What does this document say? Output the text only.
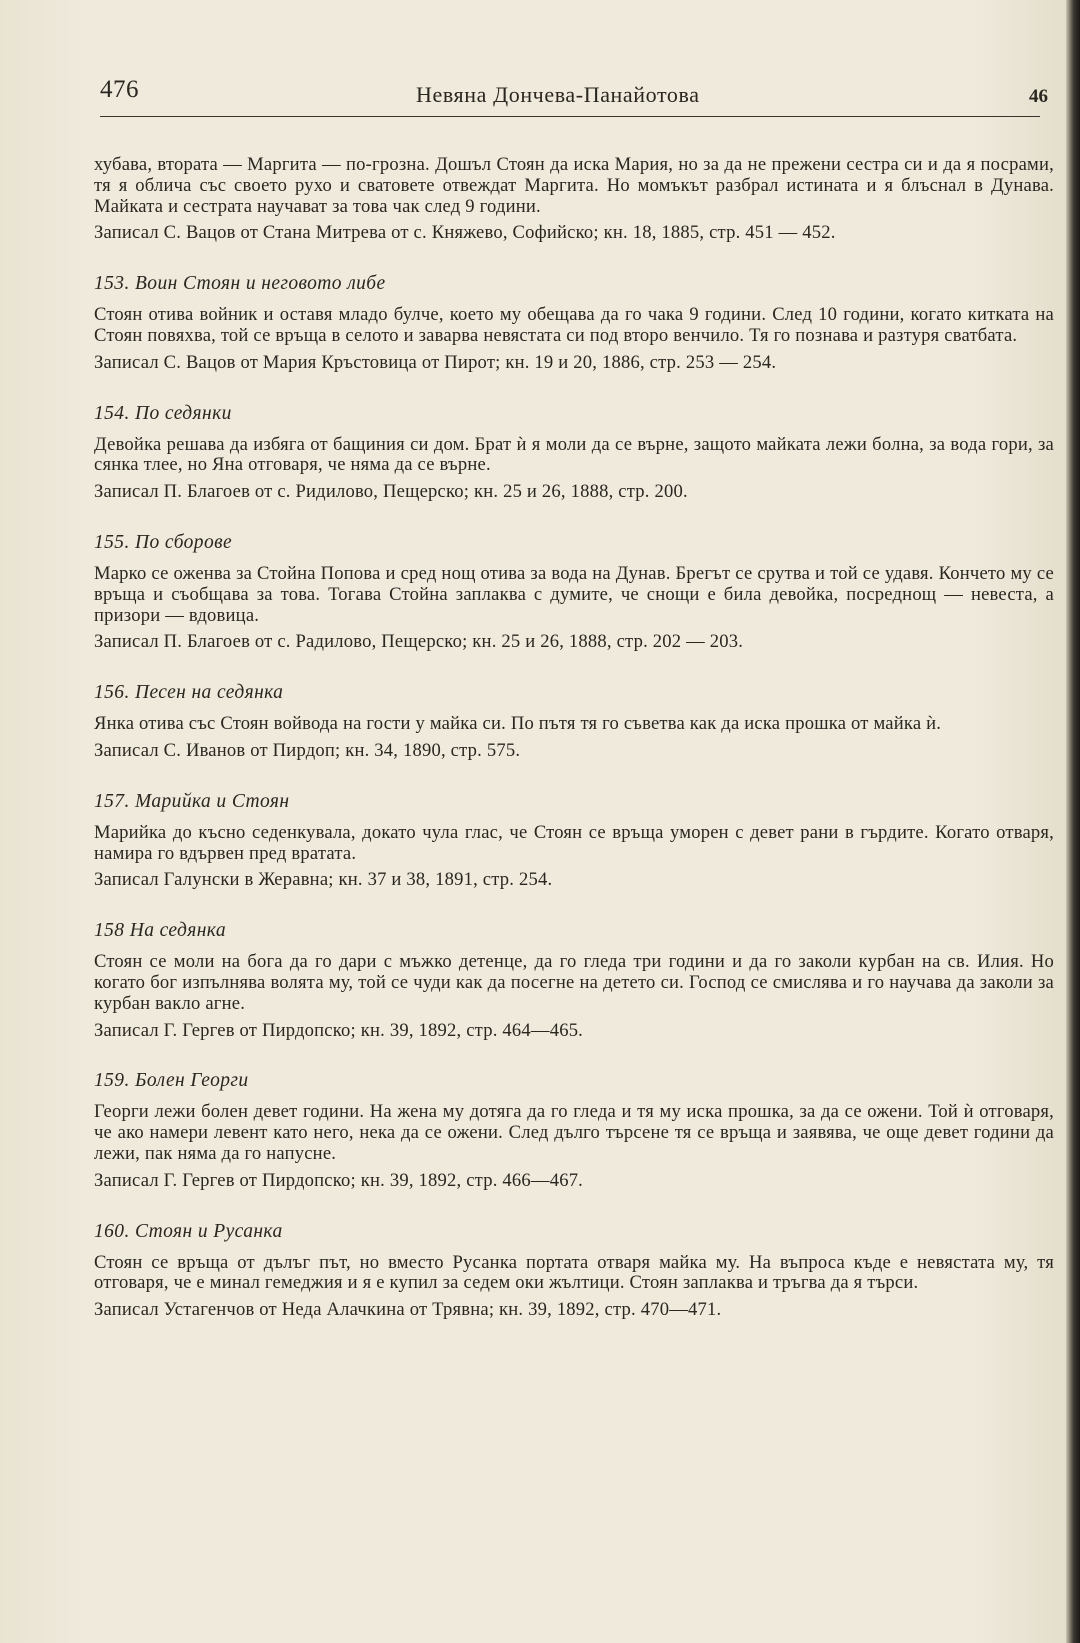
476	Невяна Дончева-Панайотова	46

хубава, втората — Маргита — по-грозна. Дошъл Стоян да иска Мария, но за да не прежени сестра си и да я посрами, тя я облича със своето рухо и сватовете отвеждат Маргита. Но момъкът разбрал истината и я блъснал в Дунава. Майката и сестрата научават за това чак след 9 години.

Записал С. Вацов от Стана Митрева от с. Княжево, Софийско; кн. 18, 1885, стр. 451 — 452.

153. Воин Стоян и неговото либе

Стоян отива войник и оставя младо булче, което му обещава да го чака 9 години. След 10 години, когато китката на Стоян повяхва, той се връща в селото и заварва невястата си под второ венчило. Тя го познава и разтуря сватбата.

Записал С. Вацов от Мария Кръстовица от Пирот; кн. 19 и 20, 1886, стр. 253 — 254.

154. По седянки

Девойка решава да избяга от бащиния си дом. Брат ѝ я моли да се върне, защото майката лежи болна, за вода гори, за сянка тлее, но Яна отговаря, че няма да се върне.

Записал П. Благоев от с. Ридилово, Пещерско; кн. 25 и 26, 1888, стр. 200.

155. По сборове

Марко се оженва за Стойна Попова и сред нощ отива за вода на Дунав. Брегът се срутва и той се удавя. Кончето му се връща и съобщава за това. Тогава Стойна заплаква с думите, че снощи е била девойка, посреднощ — невеста, а призори — вдовица.

Записал П. Благоев от с. Радилово, Пещерско; кн. 25 и 26, 1888, стр. 202 — 203.

156. Песен на седянка

Янка отива със Стоян войвода на гости у майка си. По пътя тя го съветва как да иска прошка от майка ѝ.

Записал С. Иванов от Пирдоп; кн. 34, 1890, стр. 575.

157. Марийка и Стоян

Марийка до късно седенкувала, докато чула глас, че Стоян се връща уморен с девет рани в гърдите. Когато отваря, намира го вдървен пред вратата.

Записал Галунски в Жеравна; кн. 37 и 38, 1891, стр. 254.

158 На седянка

Стоян се моли на бога да го дари с мъжко детенце, да го гледа три години и да го заколи курбан на св. Илия. Но когато бог изпълнява волята му, той се чуди как да посегне на детето си. Господ се смислява и го научава да заколи за курбан вакло агне.

Записал Г. Гергев от Пирдопско; кн. 39, 1892, стр. 464—465.

159. Болен Георги

Георги лежи болен девет години. На жена му дотяга да го гледа и тя му иска прошка, за да се ожени. Той ѝ отговаря, че ако намери левент като него, нека да се ожени. След дълго търсене тя се връща и заявява, че още девет години да лежи, пак няма да го напусне.

Записал Г. Гергев от Пирдопско; кн. 39, 1892, стр. 466—467.

160. Стоян и Русанка

Стоян се връща от дълъг път, но вместо Русанка портата отваря майка му. На въпроса къде е невястата му, тя отговаря, че е минал гемеджия и я е купил за седем оки жълтици. Стоян заплаква и тръгва да я търси.

Записал Устагенчов от Неда Алачкина от Трявна; кн. 39, 1892, стр. 470—471.
